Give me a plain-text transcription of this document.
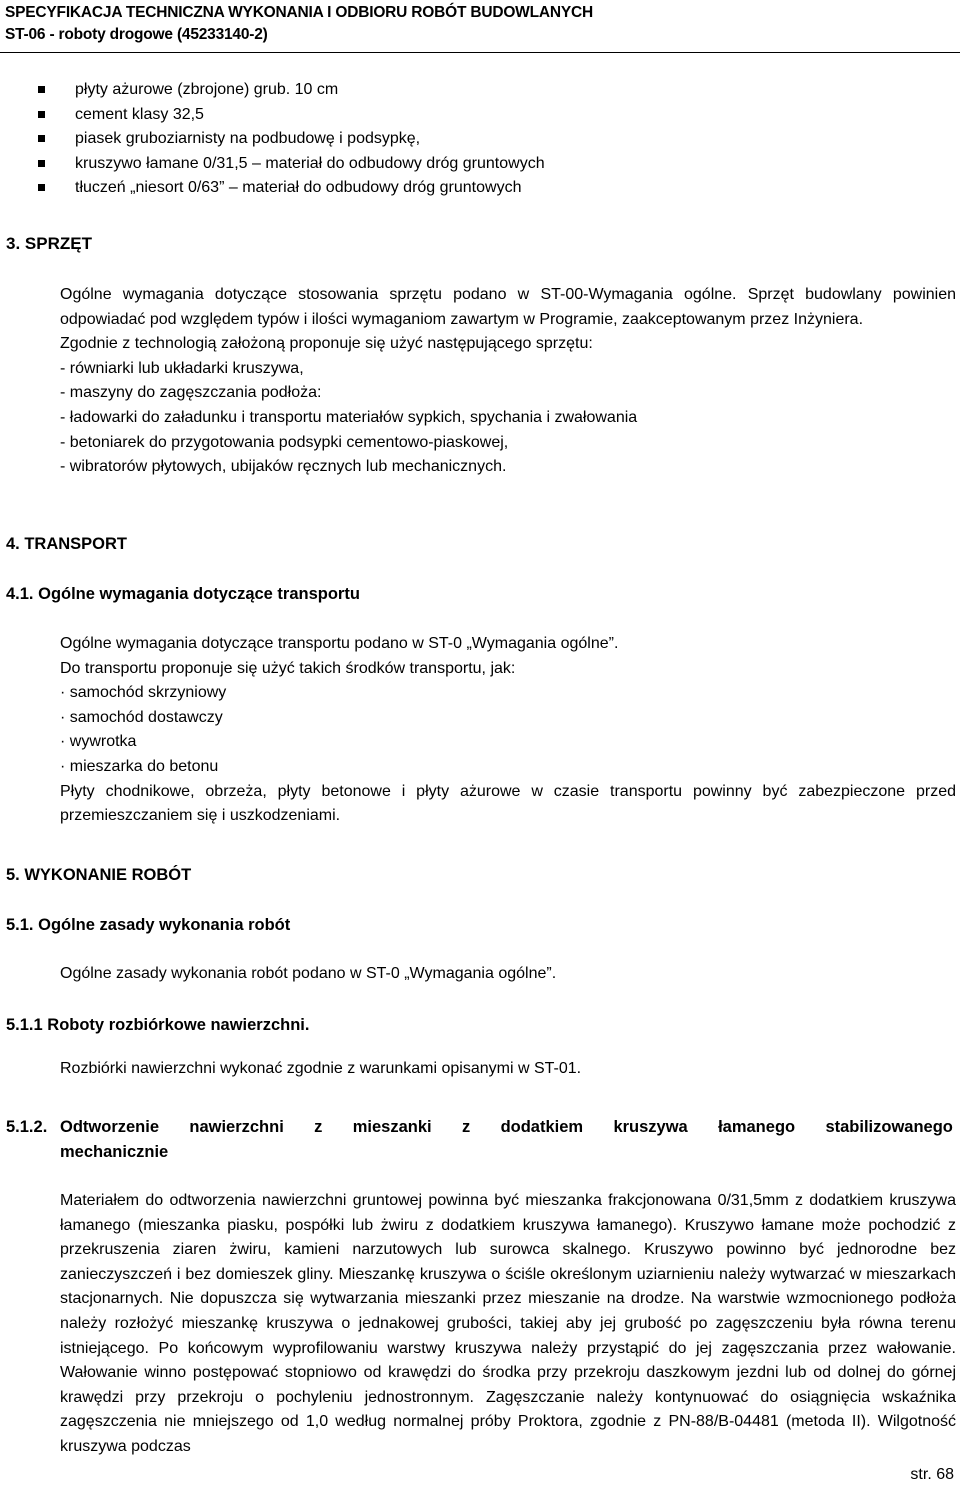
SPECYFIKACJA TECHNICZNA WYKONANIA I ODBIORU ROBÓT BUDOWLANYCH
ST-06 - roboty drogowe (45233140-2)
płyty ażurowe (zbrojone) grub. 10 cm
cement klasy 32,5
piasek gruboziarnisty na podbudowę i podsypkę,
kruszywo łamane 0/31,5 – materiał do odbudowy dróg gruntowych
tłuczeń „niesort 0/63” – materiał do odbudowy dróg gruntowych
3. SPRZĘT

Ogólne wymagania dotyczące stosowania sprzętu podano w ST-00-Wymagania ogólne. Sprzęt budowlany powinien odpowiadać pod względem typów i ilości wymaganiom zawartym w Programie, zaakceptowanym przez Inżyniera.

Zgodnie z technologią założoną proponuje się użyć następującego sprzętu:
- równiarki lub układarki kruszywa,
- maszyny do zagęszczania podłoża:
- ładowarki do załadunku i transportu materiałów sypkich, spychania i zwałowania
- betoniarek do przygotowania podsypki cementowo-piaskowej,
- wibratorów płytowych, ubijaków ręcznych lub mechanicznych.
4. TRANSPORT
4.1. Ogólne wymagania dotyczące transportu
Ogólne wymagania dotyczące transportu podano w ST-0 „Wymagania ogólne”.
Do transportu proponuje się użyć takich środków transportu, jak:
· samochód skrzyniowy
· samochód dostawczy
· wywrotka
· mieszarka do betonu

Płyty chodnikowe, obrzeża, płyty betonowe i płyty ażurowe w czasie transportu powinny być zabezpieczone przed przemieszczaniem się i uszkodzeniami.

5. WYKONANIE ROBÓT
5.1. Ogólne zasady wykonania robót
Ogólne zasady wykonania robót podano w ST-0 „Wymagania ogólne”.
5.1.1 Roboty rozbiórkowe nawierzchni.
Rozbiórki nawierzchni wykonać zgodnie z warunkami opisanymi w ST-01.
5.1.2. Odtworzenie nawierzchni z mieszanki z dodatkiem kruszywa łamanego stabilizowanego
mechanicznie
Materiałem do odtworzenia nawierzchni gruntowej powinna być mieszanka frakcjonowana 0/31,5mm z dodatkiem kruszywa łamanego (mieszanka piasku, pospółki lub żwiru z dodatkiem kruszywa łamanego). Kruszywo łamane może pochodzić z przekruszenia ziaren żwiru, kamieni narzutowych lub surowca skalnego. Kruszywo powinno być jednorodne bez zanieczyszczeń i bez domieszek gliny. Mieszankę kruszywa o ściśle określonym uziarnieniu należy wytwarzać w mieszarkach stacjonarnych. Nie dopuszcza się wytwarzania mieszanki przez mieszanie na drodze. Na warstwie wzmocnionego podłoża należy rozłożyć mieszankę kruszywa o jednakowej grubości, takiej aby jej grubość po zagęszczeniu była równa terenu istniejącego. Po końcowym wyprofilowaniu warstwy kruszywa należy przystąpić do jej zagęszczania przez wałowanie. Wałowanie winno postępować stopniowo od krawędzi do środka przy przekroju daszkowym jezdni lub od dolnej do górnej krawędzi przy przekroju o pochyleniu jednostronnym. Zagęszczanie należy kontynuować do osiągnięcia wskaźnika zagęszczenia nie mniejszego od 1,0 według normalnej próby Proktora, zgodnie z PN-88/B-04481 (metoda II). Wilgotność kruszywa podczas
str. 68
